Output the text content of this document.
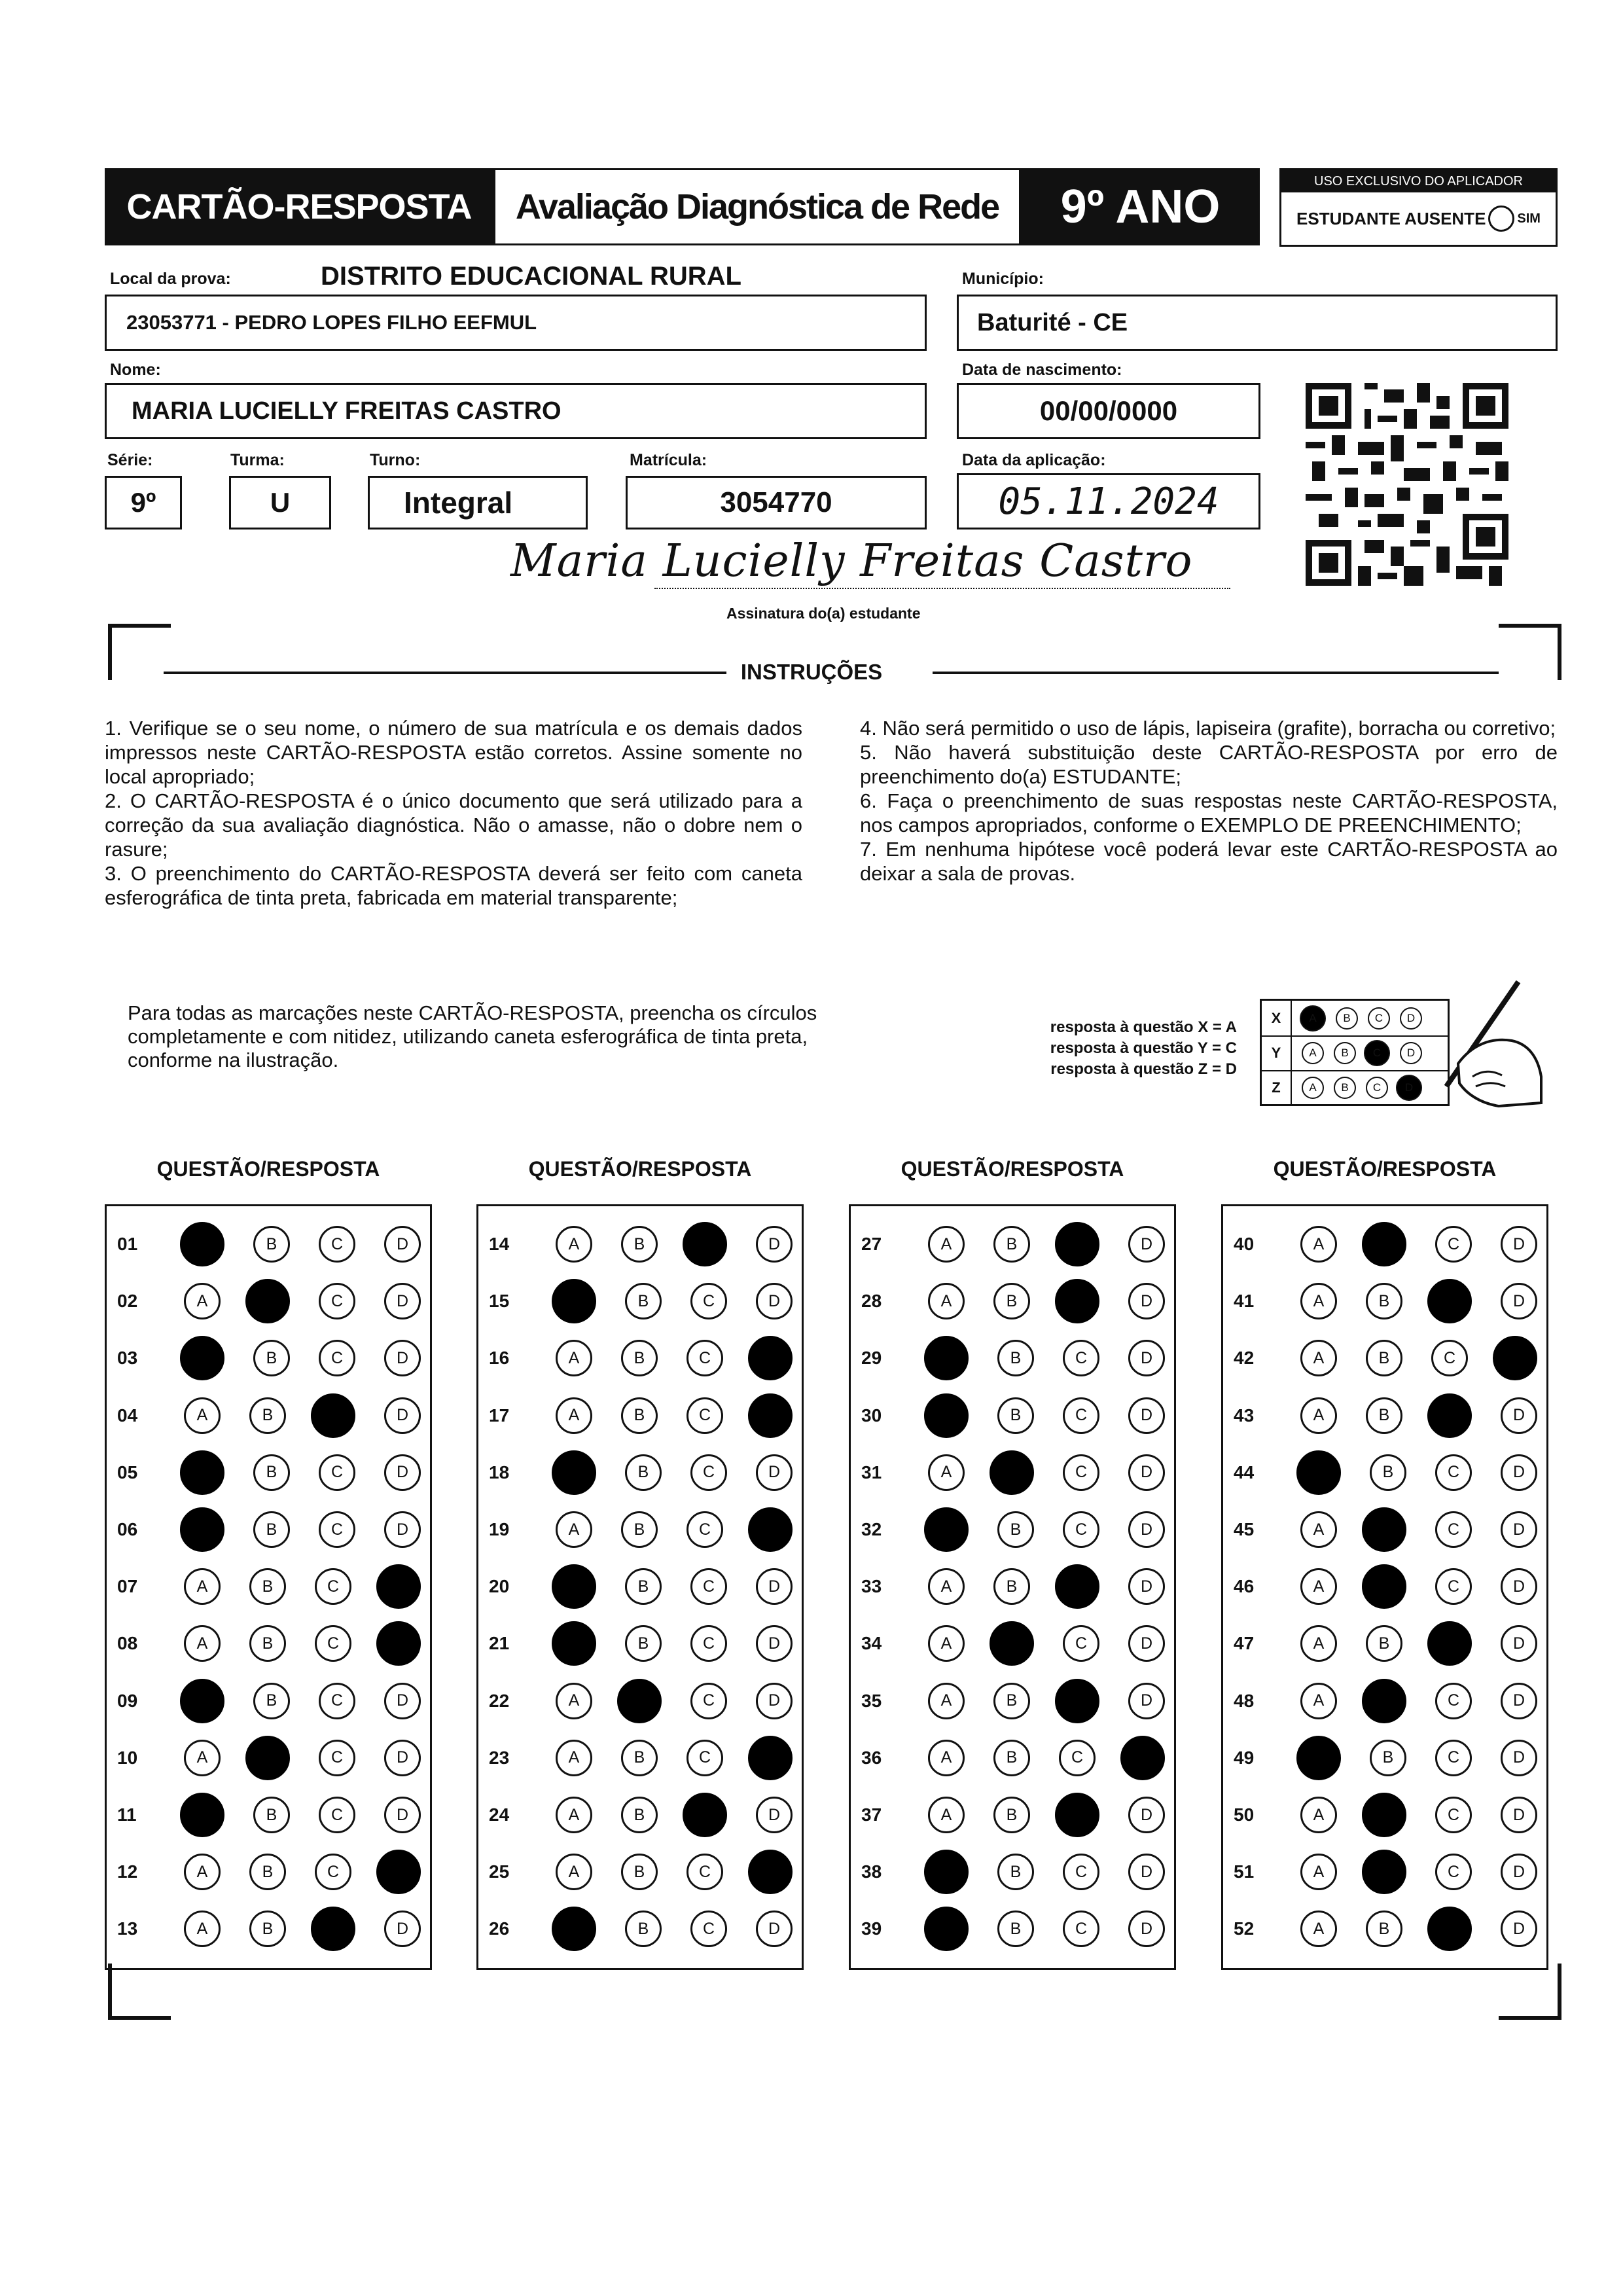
CARTÃO-RESPOSTA	Avaliação Diagnóstica de Rede	9º ANO	USO EXCLUSIVO DO APLICADOR
ESTUDANTE AUSENTE SIM
Local da prova:	DISTRITO EDUCACIONAL RURAL
23053771 - PEDRO LOPES FILHO EEFMUL
Município:
Baturité - CE
Nome:
MARIA LUCIELLY FREITAS CASTRO
Data de nascimento:
00/00/0000
Série:
9º
Turma:
U
Turno:
Integral
Matrícula:
3054770
Data da aplicação:
05.11.2024
Maria Lucielly Freitas Castro
Assinatura do(a) estudante
INSTRUÇÕES
1. Verifique se o seu nome, o número de sua matrícula e os demais dados impressos neste CARTÃO-RESPOSTA estão corretos. Assine somente no local apropriado;
2. O CARTÃO-RESPOSTA é o único documento que será utilizado para a correção da sua avaliação diagnóstica. Não o amasse, não o dobre nem o rasure;
3. O preenchimento do CARTÃO-RESPOSTA deverá ser feito com caneta esferográfica de tinta preta, fabricada em material transparente;
4. Não será permitido o uso de lápis, lapiseira (grafite), borracha ou corretivo;
5. Não haverá substituição deste CARTÃO-RESPOSTA por erro de preenchimento do(a) ESTUDANTE;
6. Faça o preenchimento de suas respostas neste CARTÃO-RESPOSTA, nos campos apropriados, conforme o EXEMPLO DE PREENCHIMENTO;
7. Em nenhuma hipótese você poderá levar este CARTÃO-RESPOSTA ao deixar a sala de provas.
Para todas as marcações neste CARTÃO-RESPOSTA, preencha os círculos completamente e com nitidez, utilizando caneta esferográfica de tinta preta, conforme na ilustração.
resposta à questão X = A
resposta à questão Y = C
resposta à questão Z = D
X	A	B	C	D
Y	A	B	C	D
Z	A	B	C	D
QUESTÃO/RESPOSTA	QUESTÃO/RESPOSTA	QUESTÃO/RESPOSTA	QUESTÃO/RESPOSTA
01	A	B	C	D
02	A	B	C	D
03	A	B	C	D
04	A	B	C	D
05	A	B	C	D
06	A	B	C	D
07	A	B	C	D
08	A	B	C	D
09	A	B	C	D
10	A	B	C	D
11	A	B	C	D
12	A	B	C	D
13	A	B	C	D
14	A	B	C	D
15	A	B	C	D
16	A	B	C	D
17	A	B	C	D
18	A	B	C	D
19	A	B	C	D
20	A	B	C	D
21	A	B	C	D
22	A	B	C	D
23	A	B	C	D
24	A	B	C	D
25	A	B	C	D
26	A	B	C	D
27	A	B	C	D
28	A	B	C	D
29	A	B	C	D
30	A	B	C	D
31	A	B	C	D
32	A	B	C	D
33	A	B	C	D
34	A	B	C	D
35	A	B	C	D
36	A	B	C	D
37	A	B	C	D
38	A	B	C	D
39	A	B	C	D
40	A	B	C	D
41	A	B	C	D
42	A	B	C	D
43	A	B	C	D
44	A	B	C	D
45	A	B	C	D
46	A	B	C	D
47	A	B	C	D
48	A	B	C	D
49	A	B	C	D
50	A	B	C	D
51	A	B	C	D
52	A	B	C	D
